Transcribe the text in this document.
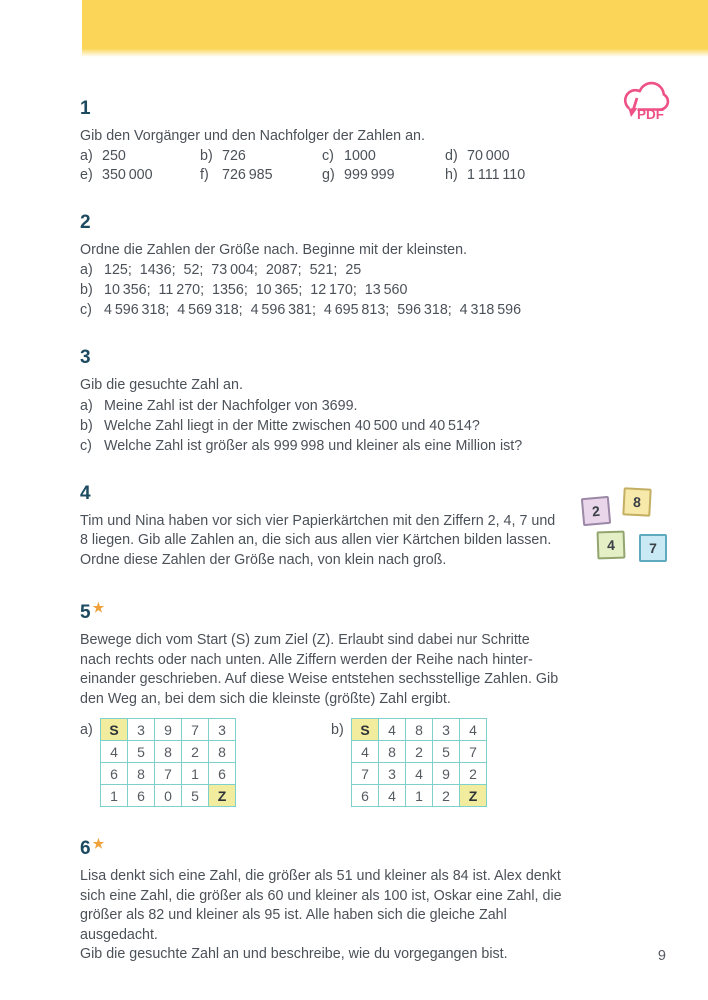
PDF
1

Gib den Vorgänger und den Nachfolger der Zahlen an.

a) 250	b) 726	c) 1000	d) 70 000
e) 350 000	f) 726 985	g) 999 999	h) 1 111 110
2

Ordne die Zahlen der Größe nach. Beginne mit der kleinsten.

a) 125;  1436;  52;  73 004;  2087;  521;  25
b) 10 356;  11 270;  1356;  10 365;  12 170;  13 560
c) 4 596 318;  4 569 318;  4 596 381;  4 695 813;  596 318;  4 318 596
3

Gib die gesuchte Zahl an.

a) Meine Zahl ist der Nachfolger von 3699.
b) Welche Zahl liegt in der Mitte zwischen 40 500 und 40 514?
c) Welche Zahl ist größer als 999 998 und kleiner als eine Million ist?
4

Tim und Nina haben vor sich vier Papierkärtchen mit den Ziffern 2, 4, 7 und 8 liegen. Gib alle Zahlen an, die sich aus allen vier Kärtchen bilden lassen. Ordne diese Zahlen der Größe nach, von klein nach groß.

5 ★

Bewege dich vom Start (S) zum Ziel (Z). Erlaubt sind dabei nur Schritte nach rechts oder nach unten. Alle Ziffern werden der Reihe nach hintereinander geschrieben. Auf diese Weise entstehen sechsstellige Zahlen. Gib den Weg an, bei dem sich die kleinste (größte) Zahl ergibt.

a)	S	3	9	7	3
4	5	8	2	8
6	8	7	1	6
1	6	0	5	Z
b)	S	4	8	3	4
4	8	2	5	7
7	3	4	9	2
6	4	1	2	Z
6 ★

Lisa denkt sich eine Zahl, die größer als 51 und kleiner als 84 ist. Alex denkt sich eine Zahl, die größer als 60 und kleiner als 100 ist, Oskar eine Zahl, die größer als 82 und kleiner als 95 ist. Alle haben sich die gleiche Zahl ausgedacht.

Gib die gesuchte Zahl an und beschreibe, wie du vorgegangen bist.

2
8
4	7
9
